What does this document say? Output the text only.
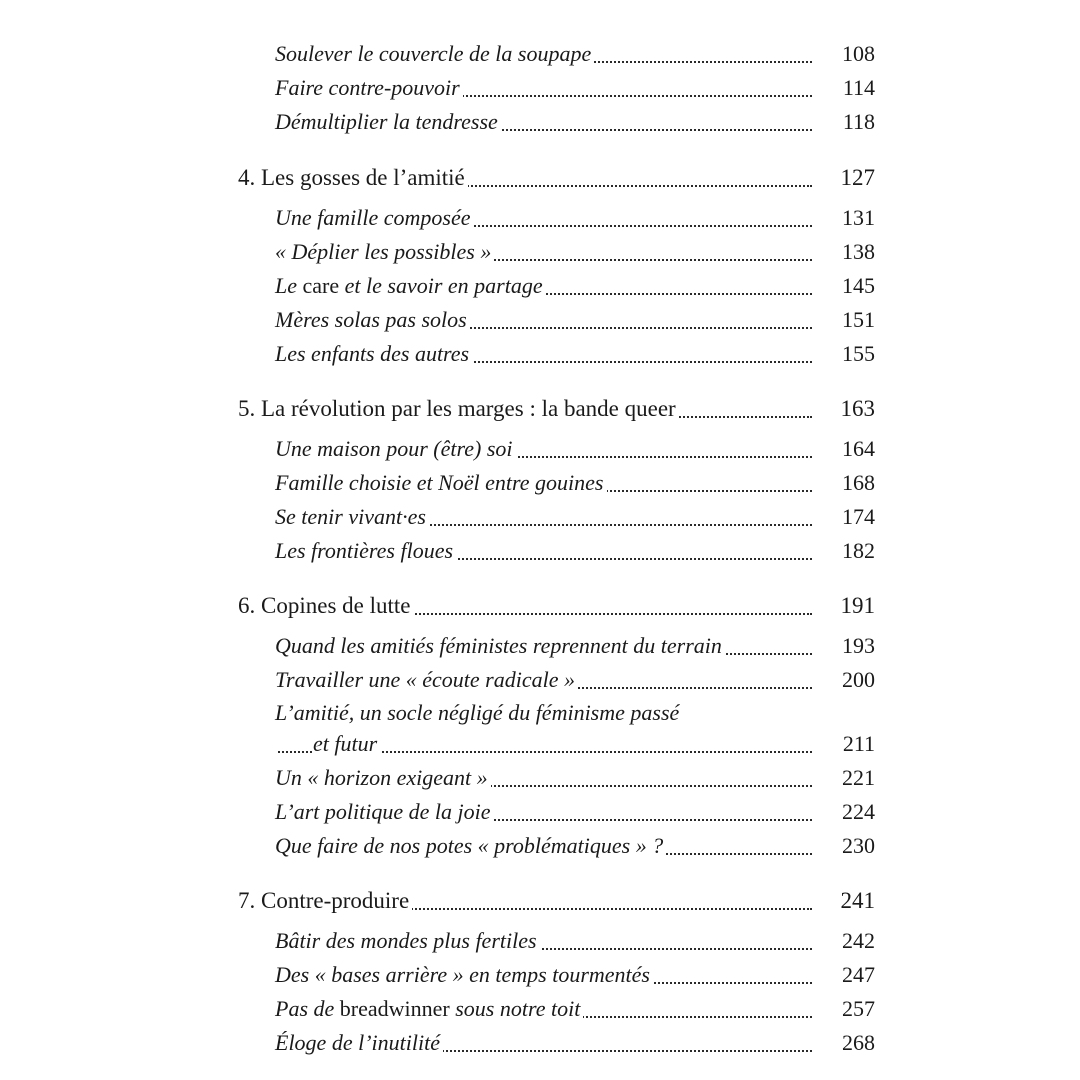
Soulever le couvercle de la soupape	108
Faire contre-pouvoir	114
Démultiplier la tendresse	118
4. Les gosses de l’amitié	127
Une famille composée	131
« Déplier les possibles »	138
Le care et le savoir en partage	145
Mères solas pas solos	151
Les enfants des autres	155
5. La révolution par les marges : la bande queer	163
Une maison pour (être) soi	164
Famille choisie et Noël entre gouines	168
Se tenir vivant·es	174
Les frontières floues	182
6. Copines de lutte	191
Quand les amitiés féministes reprennent du terrain	193
Travailler une « écoute radicale »	200
L’amitié, un socle négligé du féminisme passé
et futur	211
Un « horizon exigeant »	221
L’art politique de la joie	224
Que faire de nos potes « problématiques » ?	230
7. Contre-produire	241
Bâtir des mondes plus fertiles	242
Des « bases arrière » en temps tourmentés	247
Pas de breadwinner sous notre toit	257
Éloge de l’inutilité	268
